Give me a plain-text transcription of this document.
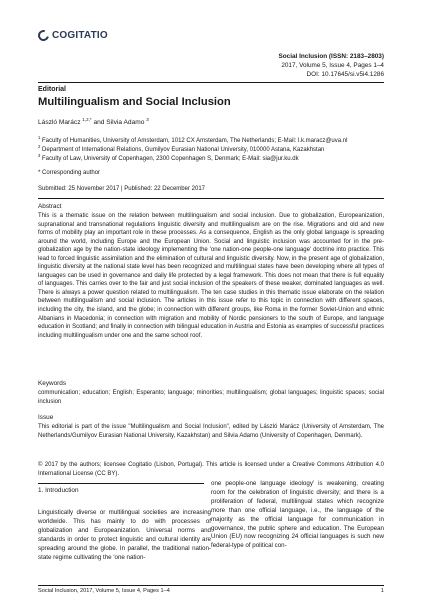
COGITATIO
Social Inclusion (ISSN: 2183–2803)
2017, Volume 5, Issue 4, Pages 1–4
DOI: 10.17645/si.v5i4.1286
Editorial
Multilingualism and Social Inclusion
László Marácz $^{1,2,*}$ and Silvia Adamo $^3$
$^1$ Faculty of Humanities, University of Amsterdam, 1012 CX Amsterdam, The Netherlands; E-Mail: l.k.maracz@uva.nl
$^2$ Department of International Relations, Gumilyov Eurasian National University, 010000 Astana, Kazakhstan
$^3$ Faculty of Law, University of Copenhagen, 2300 Copenhagen S, Denmark; E-Mail: sia@jur.ku.dk
* Corresponding author
Submitted: 25 November 2017 | Published: 22 December 2017
Abstract
This is a thematic issue on the relation between multilingualism and social inclusion. Due to globalization, Europeanization, supranational and transnational regulations linguistic diversity and multilingualism are on the rise. Migrations and old and new forms of mobility play an important role in these processes. As a consequence, English as the only global language is spreading around the world, including Europe and the European Union. Social and linguistic inclusion was accounted for in the pre-globalization age by the nation-state ideology implementing the 'one nation-one people-one language' doctrine into practice. This lead to forced linguistic assimilation and the elimination of cultural and linguistic diversity. Now, in the present age of globalization, linguistic diversity at the national state level has been recognized and multilingual states have been developing where all types of languages can be used in governance and daily life protected by a legal framework. This does not mean that there is full equality of languages. This carries over to the fair and just social inclusion of the speakers of these weaker, dominated languages as well. There is always a power question related to multilingualism. The ten case studies in this thematic issue elaborate on the relation between multilingualism and social inclusion. The articles in this issue refer to this topic in connection with different spaces, including the city, the island, and the globe; in connection with different groups, like Roma in the former Soviet-Union and ethnic Albanians in Macedonia; in connection with migration and mobility of Nordic pensioners to the south of Europe, and language education in Scotland; and finally in connection with bilingual education in Austria and Estonia as examples of successful practices including multilingualism under one and the same school roof.
Keywords
communication; education; English; Esperanto; language; minorities; multilingualism; global languages; linguistic spaces; social inclusion
Issue
This editorial is part of the issue "Multilingualism and Social Inclusion", edited by László Marácz (University of Amsterdam, The Netherlands/Gumilyov Eurasian National University, Kazakhstan) and Silvia Adamo (University of Copenhagen, Denmark).
© 2017 by the authors; licensee Cogitatio (Lisbon, Portugal). This article is licensed under a Creative Commons Attribution 4.0 International License (CC BY).
1. Introduction
Linguistically diverse or multilingual societies are increasing worldwide. This has mainly to do with processes of globalization and Europeanization. Universal norms and standards in order to protect linguistic and cultural identity are spreading around the globe. In parallel, the traditional nation-state regime cultivating the 'one nation-
one people-one language ideology' is weakening, creating room for the celebration of linguistic diversity; and there is a proliferation of federal, multilingual states which recognize more than one official language, i.e., the language of the majority as the official language for communication in governance, the public sphere and education. The European Union (EU) now recognizing 24 official languages is such new federal-type of political con-
Social Inclusion, 2017, Volume 5, Issue 4, Pages 1–4	1
